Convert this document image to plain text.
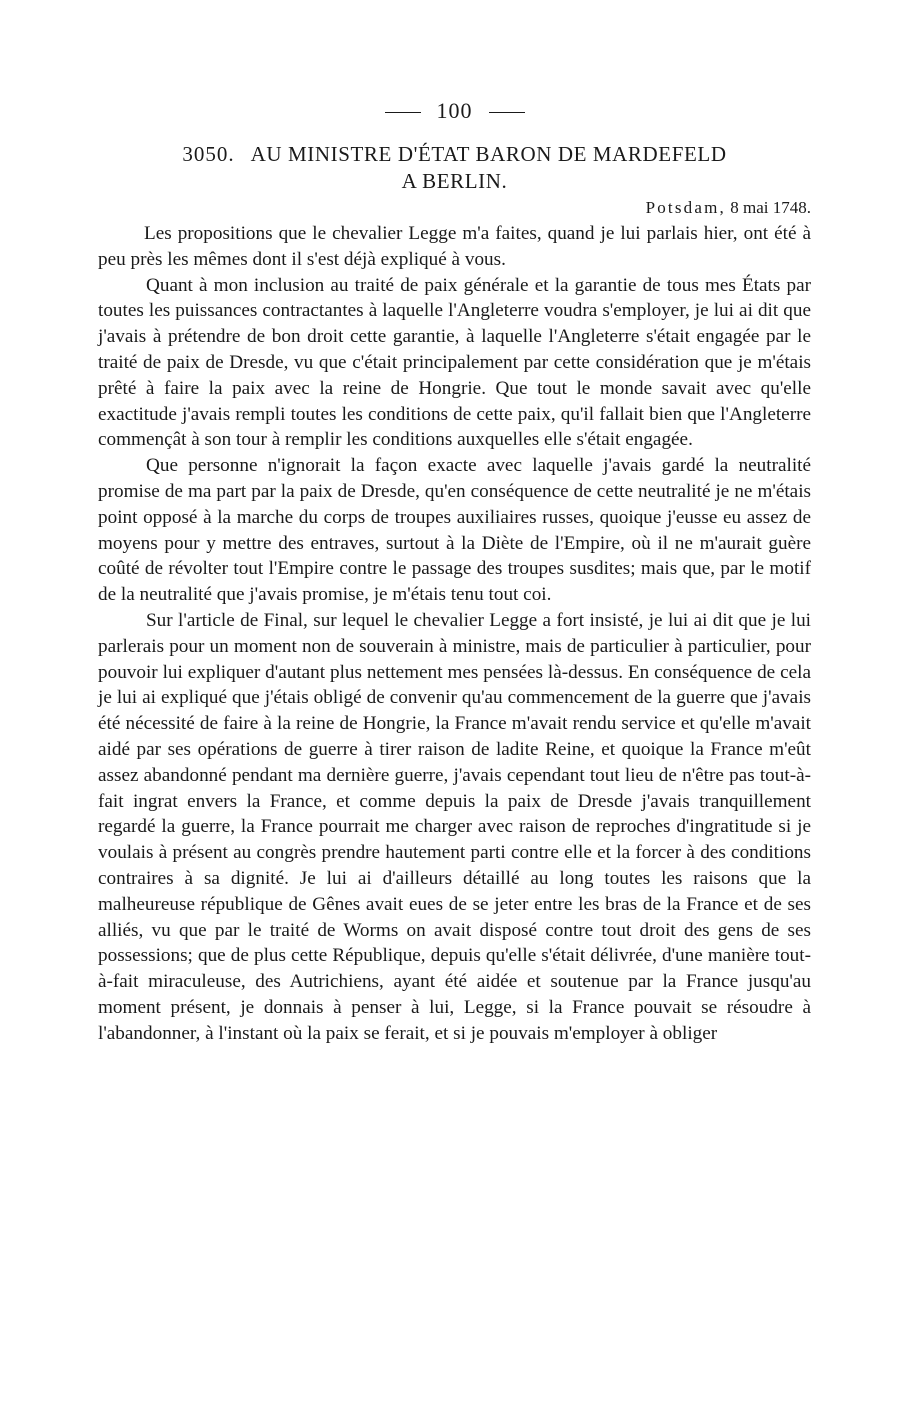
100
3050. AU MINISTRE D'ÉTAT BARON DE MARDEFELD
A BERLIN.
Potsdam, 8 mai 1748.

Les propositions que le chevalier Legge m'a faites, quand je lui parlais hier, ont été à peu près les mêmes dont il s'est déjà expliqué à vous.

Quant à mon inclusion au traité de paix générale et la garantie de tous mes États par toutes les puissances contractantes à laquelle l'Angleterre voudra s'employer, je lui ai dit que j'avais à prétendre de bon droit cette garantie, à laquelle l'Angleterre s'était engagée par le traité de paix de Dresde, vu que c'était principalement par cette considération que je m'étais prêté à faire la paix avec la reine de Hongrie. Que tout le monde savait avec qu'elle exactitude j'avais rempli toutes les conditions de cette paix, qu'il fallait bien que l'Angleterre commençât à son tour à remplir les conditions auxquelles elle s'était engagée.

Que personne n'ignorait la façon exacte avec laquelle j'avais gardé la neutralité promise de ma part par la paix de Dresde, qu'en conséquence de cette neutralité je ne m'étais point opposé à la marche du corps de troupes auxiliaires russes, quoique j'eusse eu assez de moyens pour y mettre des entraves, surtout à la Diète de l'Empire, où il ne m'aurait guère coûté de révolter tout l'Empire contre le passage des troupes susdites; mais que, par le motif de la neutralité que j'avais promise, je m'étais tenu tout coi.

Sur l'article de Final, sur lequel le chevalier Legge a fort insisté, je lui ai dit que je lui parlerais pour un moment non de souverain à ministre, mais de particulier à particulier, pour pouvoir lui expliquer d'autant plus nettement mes pensées là-dessus. En conséquence de cela je lui ai expliqué que j'étais obligé de convenir qu'au commencement de la guerre que j'avais été nécessité de faire à la reine de Hongrie, la France m'avait rendu service et qu'elle m'avait aidé par ses opérations de guerre à tirer raison de ladite Reine, et quoique la France m'eût assez abandonné pendant ma dernière guerre, j'avais cependant tout lieu de n'être pas tout-à-fait ingrat envers la France, et comme depuis la paix de Dresde j'avais tranquillement regardé la guerre, la France pourrait me charger avec raison de reproches d'ingratitude si je voulais à présent au congrès prendre hautement parti contre elle et la forcer à des conditions contraires à sa dignité. Je lui ai d'ailleurs détaillé au long toutes les raisons que la malheureuse république de Gênes avait eues de se jeter entre les bras de la France et de ses alliés, vu que par le traité de Worms on avait disposé contre tout droit des gens de ses possessions; que de plus cette République, depuis qu'elle s'était délivrée, d'une manière tout-à-fait miraculeuse, des Autrichiens, ayant été aidée et soutenue par la France jusqu'au moment présent, je donnais à penser à lui, Legge, si la France pouvait se résoudre à l'abandonner, à l'instant où la paix se ferait, et si je pouvais m'employer à obliger
